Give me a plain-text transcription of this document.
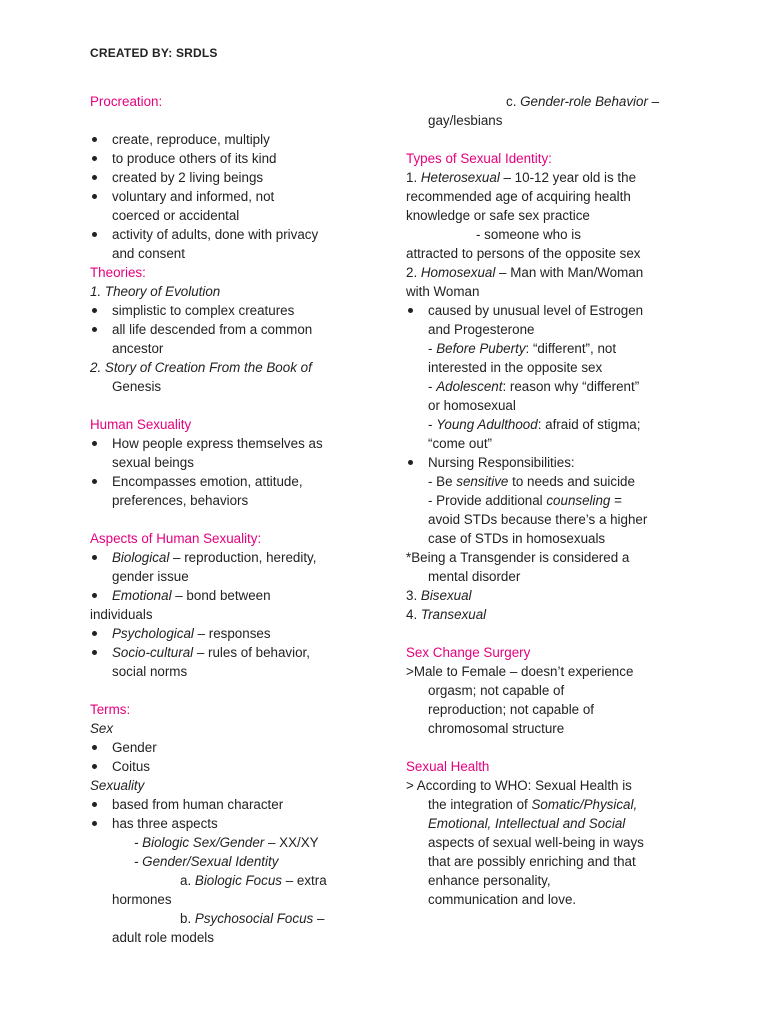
CREATED BY: SRDLS
Procreation:
create, reproduce, multiply
to produce others of its kind
created by 2 living beings
voluntary and informed, not
coerced or accidental
activity of adults, done with privacy
and consent
Theories:
1. Theory of Evolution
simplistic to complex creatures
all life descended from a common
ancestor
2. Story of Creation From the Book of
Genesis
Human Sexuality
How people express themselves as
sexual beings
Encompasses emotion, attitude,
preferences, behaviors
Aspects of Human Sexuality:
Biological – reproduction, heredity,
gender issue
Emotional – bond between
individuals
Psychological – responses
Socio-cultural – rules of behavior,
social norms
Terms:
Sex
Gender
Coitus
Sexuality
based from human character
has three aspects
- Biologic Sex/Gender – XX/XY
- Gender/Sexual Identity
a. Biologic Focus – extra
hormones
b. Psychosocial Focus –
adult role models
c. Gender-role Behavior –
gay/lesbians
Types of Sexual Identity:
1. Heterosexual – 10-12 year old is the
recommended age of acquiring health
knowledge or safe sex practice
- someone who is
attracted to persons of the opposite sex
2. Homosexual – Man with Man/Woman
with Woman
caused by unusual level of Estrogen
and Progesterone
- Before Puberty: “different”, not
interested in the opposite sex
- Adolescent: reason why “different”
or homosexual
- Young Adulthood: afraid of stigma;
“come out”
Nursing Responsibilities:
- Be sensitive to needs and suicide
- Provide additional counseling =
avoid STDs because there’s a higher
case of STDs in homosexuals
*Being a Transgender is considered a
mental disorder
3. Bisexual
4. Transexual
Sex Change Surgery
>Male to Female – doesn’t experience
orgasm; not capable of
reproduction; not capable of
chromosomal structure
Sexual Health
> According to WHO: Sexual Health is
the integration of Somatic/Physical,
Emotional, Intellectual and Social
aspects of sexual well-being in ways
that are possibly enriching and that
enhance personality,
communication and love.
